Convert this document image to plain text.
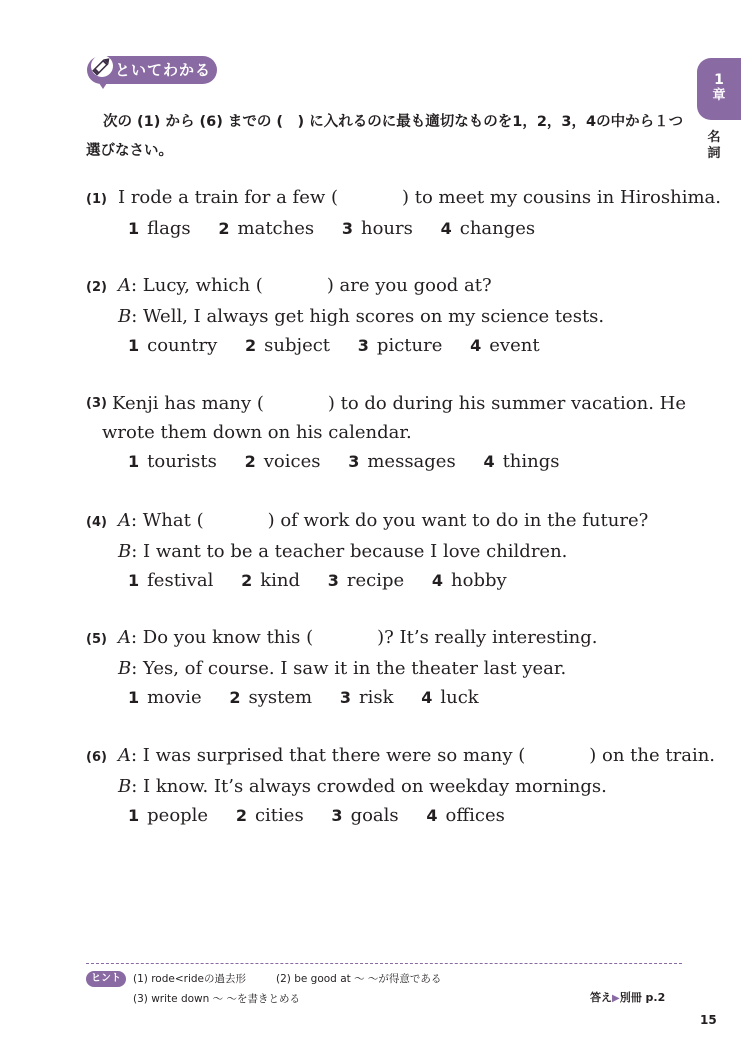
といてわかる
1
章
名
詞
次の (1) から (6) までの (　) に入れるのに最も適切なものを1，2，3，4の中から１つ選びなさい。
(1) I rode a train for a few (	) to meet my cousins in Hiroshima.
1 flags 2 matches 3 hours 4 changes
(2) A: Lucy, which (	) are you good at?
B: Well, I always get high scores on my science tests.
1 country 2 subject 3 picture 4 event
(3) Kenji has many (	) to do during his summer vacation. He
wrote them down on his calendar.
1 tourists 2 voices 3 messages 4 things
(4) A: What (	) of work do you want to do in the future?
B: I want to be a teacher because I love children.
1 festival 2 kind 3 recipe 4 hobby
(5) A: Do you know this (	)? It’s really interesting.
B: Yes, of course. I saw it in the theater last year.
1 movie 2 system 3 risk 4 luck
(6) A: I was surprised that there were so many (	) on the train.
B: I know. It’s always crowded on weekday mornings.
1 people 2 cities 3 goals 4 offices
ヒント	(1) rode<rideの過去形	(2) be good at ～ ～が得意である
(3) write down ～ ～を書きとめる	答え▶別冊 p.2
15
